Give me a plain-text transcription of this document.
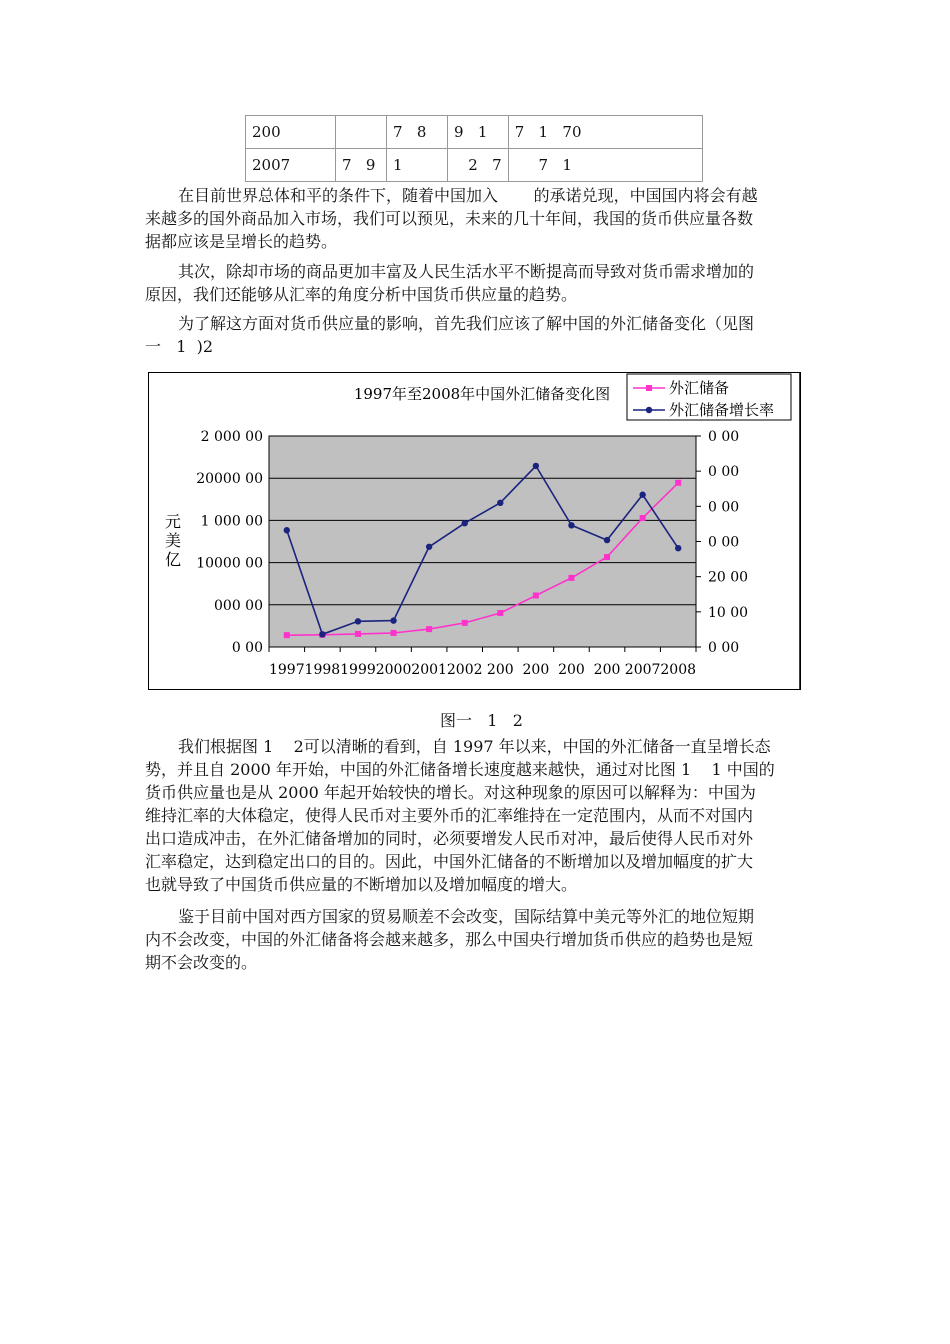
200		7   8	9   1	7   1   70
2007	7   9	1	2   7	7   1
在目前世界总体和平的条件下，随着中国加入       的承诺兑现，中国国内将会有越
来越多的国外商品加入市场，我们可以预见，未来的几十年间，我国的货币供应量各数
据都应该是呈增长的趋势。
其次，除却市场的商品更加丰富及人民生活水平不断提高而导致对货币需求增加的
原因，我们还能够从汇率的角度分析中国货币供应量的趋势。
为了解这方面对货币供应量的影响，首先我们应该了解中国的外汇储备变化（见图
一   1  )2
0 00
000 00
10000 00
1 000 00
20000 00
2 000 00
0 00
10 00
20 00
0 00
0 00
0 00
0 00
1997 1998 1999 2000 2001 2002 200 200 200 200 2007 2008
元
美
亿
1997年至2008年中国外汇储备变化图	外汇储备
外汇储备增长率
图一   1   2
我们根据图 1    2可以清晰的看到，自 1997 年以来，中国的外汇储备一直呈增长态
势，并且自 2000 年开始，中国的外汇储备增长速度越来越快，通过对比图 1    1 中国的
货币供应量也是从 2000 年起开始较快的增长。对这种现象的原因可以解释为：中国为
维持汇率的大体稳定，使得人民币对主要外币的汇率维持在一定范围内，从而不对国内
出口造成冲击，在外汇储备增加的同时，必须要增发人民币对冲，最后使得人民币对外
汇率稳定，达到稳定出口的目的。因此，中国外汇储备的不断增加以及增加幅度的扩大
也就导致了中国货币供应量的不断增加以及增加幅度的增大。
鉴于目前中国对西方国家的贸易顺差不会改变，国际结算中美元等外汇的地位短期
内不会改变，中国的外汇储备将会越来越多，那么中国央行增加货币供应的趋势也是短
期不会改变的。
